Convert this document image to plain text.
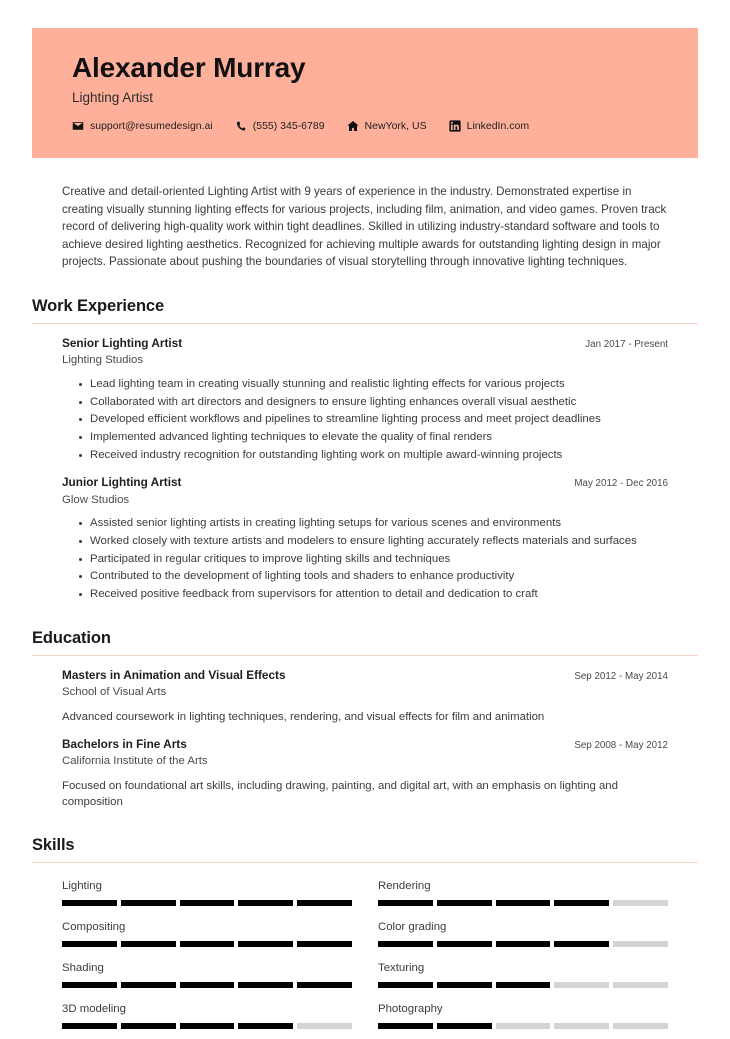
Alexander Murray
Lighting Artist
support@resumedesign.ai	(555) 345-6789	NewYork, US	LinkedIn.com
Creative and detail-oriented Lighting Artist with 9 years of experience in the industry. Demonstrated expertise in creating visually stunning lighting effects for various projects, including film, animation, and video games. Proven track record of delivering high-quality work within tight deadlines. Skilled in utilizing industry-standard software and tools to achieve desired lighting aesthetics. Recognized for achieving multiple awards for outstanding lighting design in major projects. Passionate about pushing the boundaries of visual storytelling through innovative lighting techniques.
Work Experience
Senior Lighting Artist	Jan 2017 - Present
Lighting Studios
Lead lighting team in creating visually stunning and realistic lighting effects for various projects
Collaborated with art directors and designers to ensure lighting enhances overall visual aesthetic
Developed efficient workflows and pipelines to streamline lighting process and meet project deadlines
Implemented advanced lighting techniques to elevate the quality of final renders
Received industry recognition for outstanding lighting work on multiple award-winning projects
Junior Lighting Artist	May 2012 - Dec 2016
Glow Studios
Assisted senior lighting artists in creating lighting setups for various scenes and environments
Worked closely with texture artists and modelers to ensure lighting accurately reflects materials and surfaces
Participated in regular critiques to improve lighting skills and techniques
Contributed to the development of lighting tools and shaders to enhance productivity
Received positive feedback from supervisors for attention to detail and dedication to craft
Education
Masters in Animation and Visual Effects	Sep 2012 - May 2014
School of Visual Arts
Advanced coursework in lighting techniques, rendering, and visual effects for film and animation
Bachelors in Fine Arts	Sep 2008 - May 2012
California Institute of the Arts
Focused on foundational art skills, including drawing, painting, and digital art, with an emphasis on lighting and composition
Skills
Lighting	Rendering
Compositing	Color grading
Shading	Texturing
3D modeling	Photography
